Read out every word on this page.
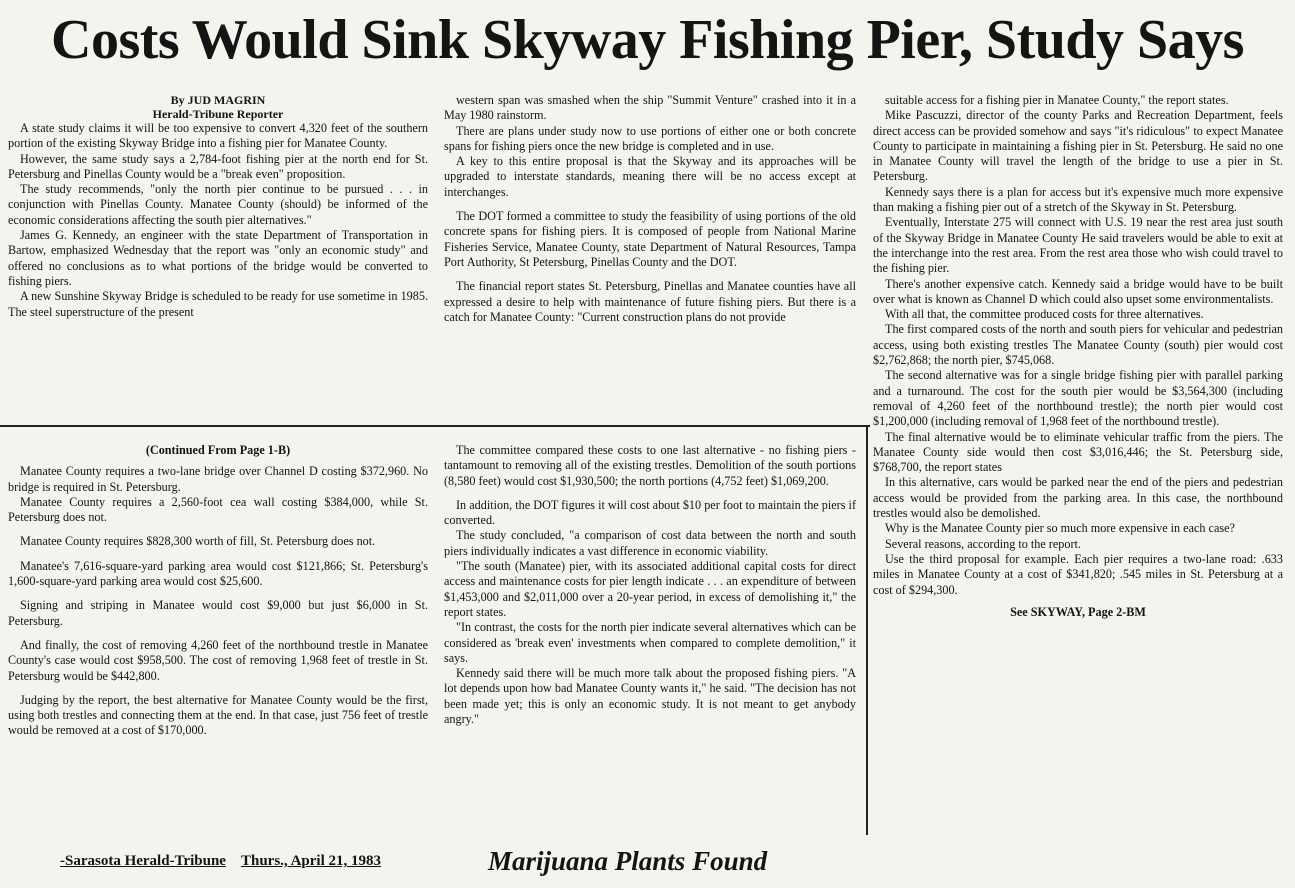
Costs Would Sink Skyway Fishing Pier, Study Says
By JUD MAGRIN
Herald-Tribune Reporter

A state study claims it will be too expensive to convert 4,320 feet of the southern portion of the existing Skyway Bridge into a fishing pier for Manatee County.

However, the same study says a 2,784-foot fishing pier at the north end for St. Petersburg and Pinellas County would be a "break even" proposition.

The study recommends, "only the north pier continue to be pursued . . . in conjunction with Pinellas County. Manatee County (should) be informed of the economic considerations affecting the south pier alternatives."

James G. Kennedy, an engineer with the state Department of Transportation in Bartow, emphasized Wednesday that the report was "only an economic study" and offered no conclusions as to what portions of the bridge would be converted to fishing piers.

A new Sunshine Skyway Bridge is scheduled to be ready for use sometime in 1985. The steel superstructure of the present

western span was smashed when the ship "Summit Venture" crashed into it in a May 1980 rainstorm.

There are plans under study now to use portions of either one or both concrete spans for fishing piers once the new bridge is completed and in use.

A key to this entire proposal is that the Skyway and its approaches will be upgraded to interstate standards, meaning there will be no access except at interchanges.

The DOT formed a committee to study the feasibility of using portions of the old concrete spans for fishing piers. It is composed of people from National Marine Fisheries Service, Manatee County, state Department of Natural Resources, Tampa Port Authority, St Petersburg, Pinellas County and the DOT.

The financial report states St. Petersburg, Pinellas and Manatee counties have all expressed a desire to help with maintenance of future fishing piers. But there is a catch for Manatee County: "Current construction plans do not provide

suitable access for a fishing pier in Manatee County," the report states.

Mike Pascuzzi, director of the county Parks and Recreation Department, feels direct access can be provided somehow and says "it's ridiculous" to expect Manatee County to participate in maintaining a fishing pier in St. Petersburg. He said no one in Manatee County will travel the length of the bridge to use a pier in St. Petersburg.

Kennedy says there is a plan for access but it's expensive much more expensive than making a fishing pier out of a stretch of the Skyway in St. Petersburg.

Eventually, Interstate 275 will connect with U.S. 19 near the rest area just south of the Skyway Bridge in Manatee County He said travelers would be able to exit at the interchange into the rest area. From the rest area those who wish could travel to the fishing pier.

There's another expensive catch. Kennedy said a bridge would have to be built over what is known as Channel D which could also upset some environmentalists.

With all that, the committee produced costs for three alternatives.

The first compared costs of the north and south piers for vehicular and pedestrian access, using both existing trestles The Manatee County (south) pier would cost $2,762,868; the north pier, $745,068.

The second alternative was for a single bridge fishing pier with parallel parking and a turnaround. The cost for the south pier would be $3,564,300 (including removal of 4,260 feet of the northbound trestle); the north pier would cost $1,200,000 (including removal of 1,968 feet of the northbound trestle).

The final alternative would be to eliminate vehicular traffic from the piers. The Manatee County side would then cost $3,016,446; the St. Petersburg side, $768,700, the report states

In this alternative, cars would be parked near the end of the piers and pedestrian access would be provided from the parking area. In this case, the northbound trestles would also be demolished.

Why is the Manatee County pier so much more expensive in each case?

Several reasons, according to the report.

Use the third proposal for example. Each pier requires a two-lane road: .633 miles in Manatee County at a cost of $341,820; .545 miles in St. Petersburg at a cost of $294,300.

See SKYWAY, Page 2-BM
(Continued From Page 1-B)

Manatee County requires a two-lane bridge over Channel D costing $372,960. No bridge is required in St. Petersburg.

Manatee County requires a 2,560-foot cea wall costing $384,000, while St. Petersburg does not.

Manatee County requires $828,300 worth of fill, St. Petersburg does not.

Manatee's 7,616-square-yard parking area would cost $121,866; St. Petersburg's 1,600-square-yard parking area would cost $25,600.

Signing and striping in Manatee would cost $9,000 but just $6,000 in St. Petersburg.

And finally, the cost of removing 4,260 feet of the northbound trestle in Manatee County's case would cost $958,500. The cost of removing 1,968 feet of trestle in St. Petersburg would be $442,800.

Judging by the report, the best alternative for Manatee County would be the first, using both trestles and connecting them at the end. In that case, just 756 feet of trestle would be removed at a cost of $170,000.

The committee compared these costs to one last alternative - no fishing piers - tantamount to removing all of the existing trestles. Demolition of the south portions (8,580 feet) would cost $1,930,500; the north portions (4,752 feet) $1,069,200.

In addition, the DOT figures it will cost about $10 per foot to maintain the piers if converted.

The study concluded, "a comparison of cost data between the north and south piers individually indicates a vast difference in economic viability.

"The south (Manatee) pier, with its associated additional capital costs for direct access and maintenance costs for pier length indicate . . . an expenditure of between $1,453,000 and $2,011,000 over a 20-year period, in excess of demolishing it," the report states.

"In contrast, the costs for the north pier indicate several alternatives which can be considered as 'break even' investments when compared to complete demolition," it says.

Kennedy said there will be much more talk about the proposed fishing piers. "A lot depends upon how bad Manatee County wants it," he said. "The decision has not been made yet; this is only an economic study. It is not meant to get anybody angry."

-Sarasota Herald-Tribune Thurs., April 21, 1983	Marijuana Plants Found
